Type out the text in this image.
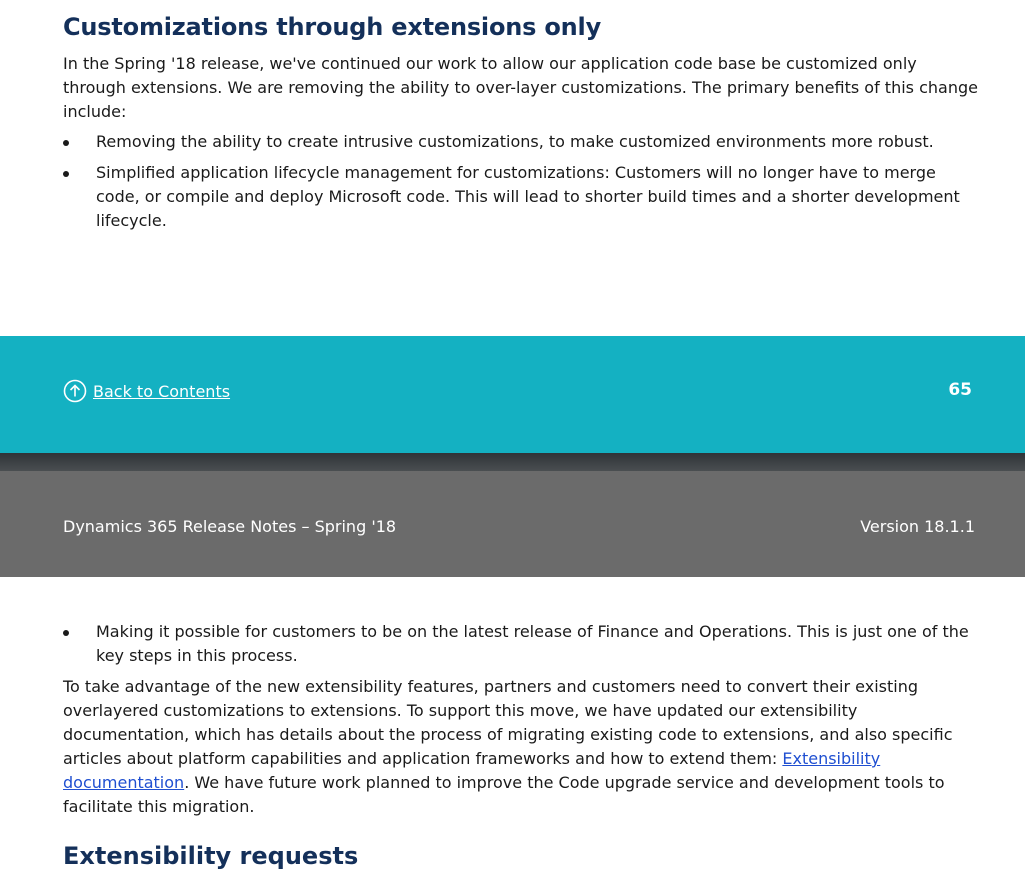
Customizations through extensions only

In the Spring '18 release, we've continued our work to allow our application code base be customized only through extensions. We are removing the ability to over-layer customizations. The primary benefits of this change include:

Removing the ability to create intrusive customizations, to make customized environments more robust.
Simplified application lifecycle management for customizations: Customers will no longer have to merge code, or compile and deploy Microsoft code. This will lead to shorter build times and a shorter development lifecycle.
Back to Contents	65
Dynamics 365 Release Notes – Spring '18	Version 18.1.1
Making it possible for customers to be on the latest release of Finance and Operations. This is just one of the key steps in this process.

To take advantage of the new extensibility features, partners and customers need to convert their existing overlayered customizations to extensions. To support this move, we have updated our extensibility documentation, which has details about the process of migrating existing code to extensions, and also specific articles about platform capabilities and application frameworks and how to extend them: Extensibility documentation. We have future work planned to improve the Code upgrade service and development tools to facilitate this migration.

Extensibility requests
